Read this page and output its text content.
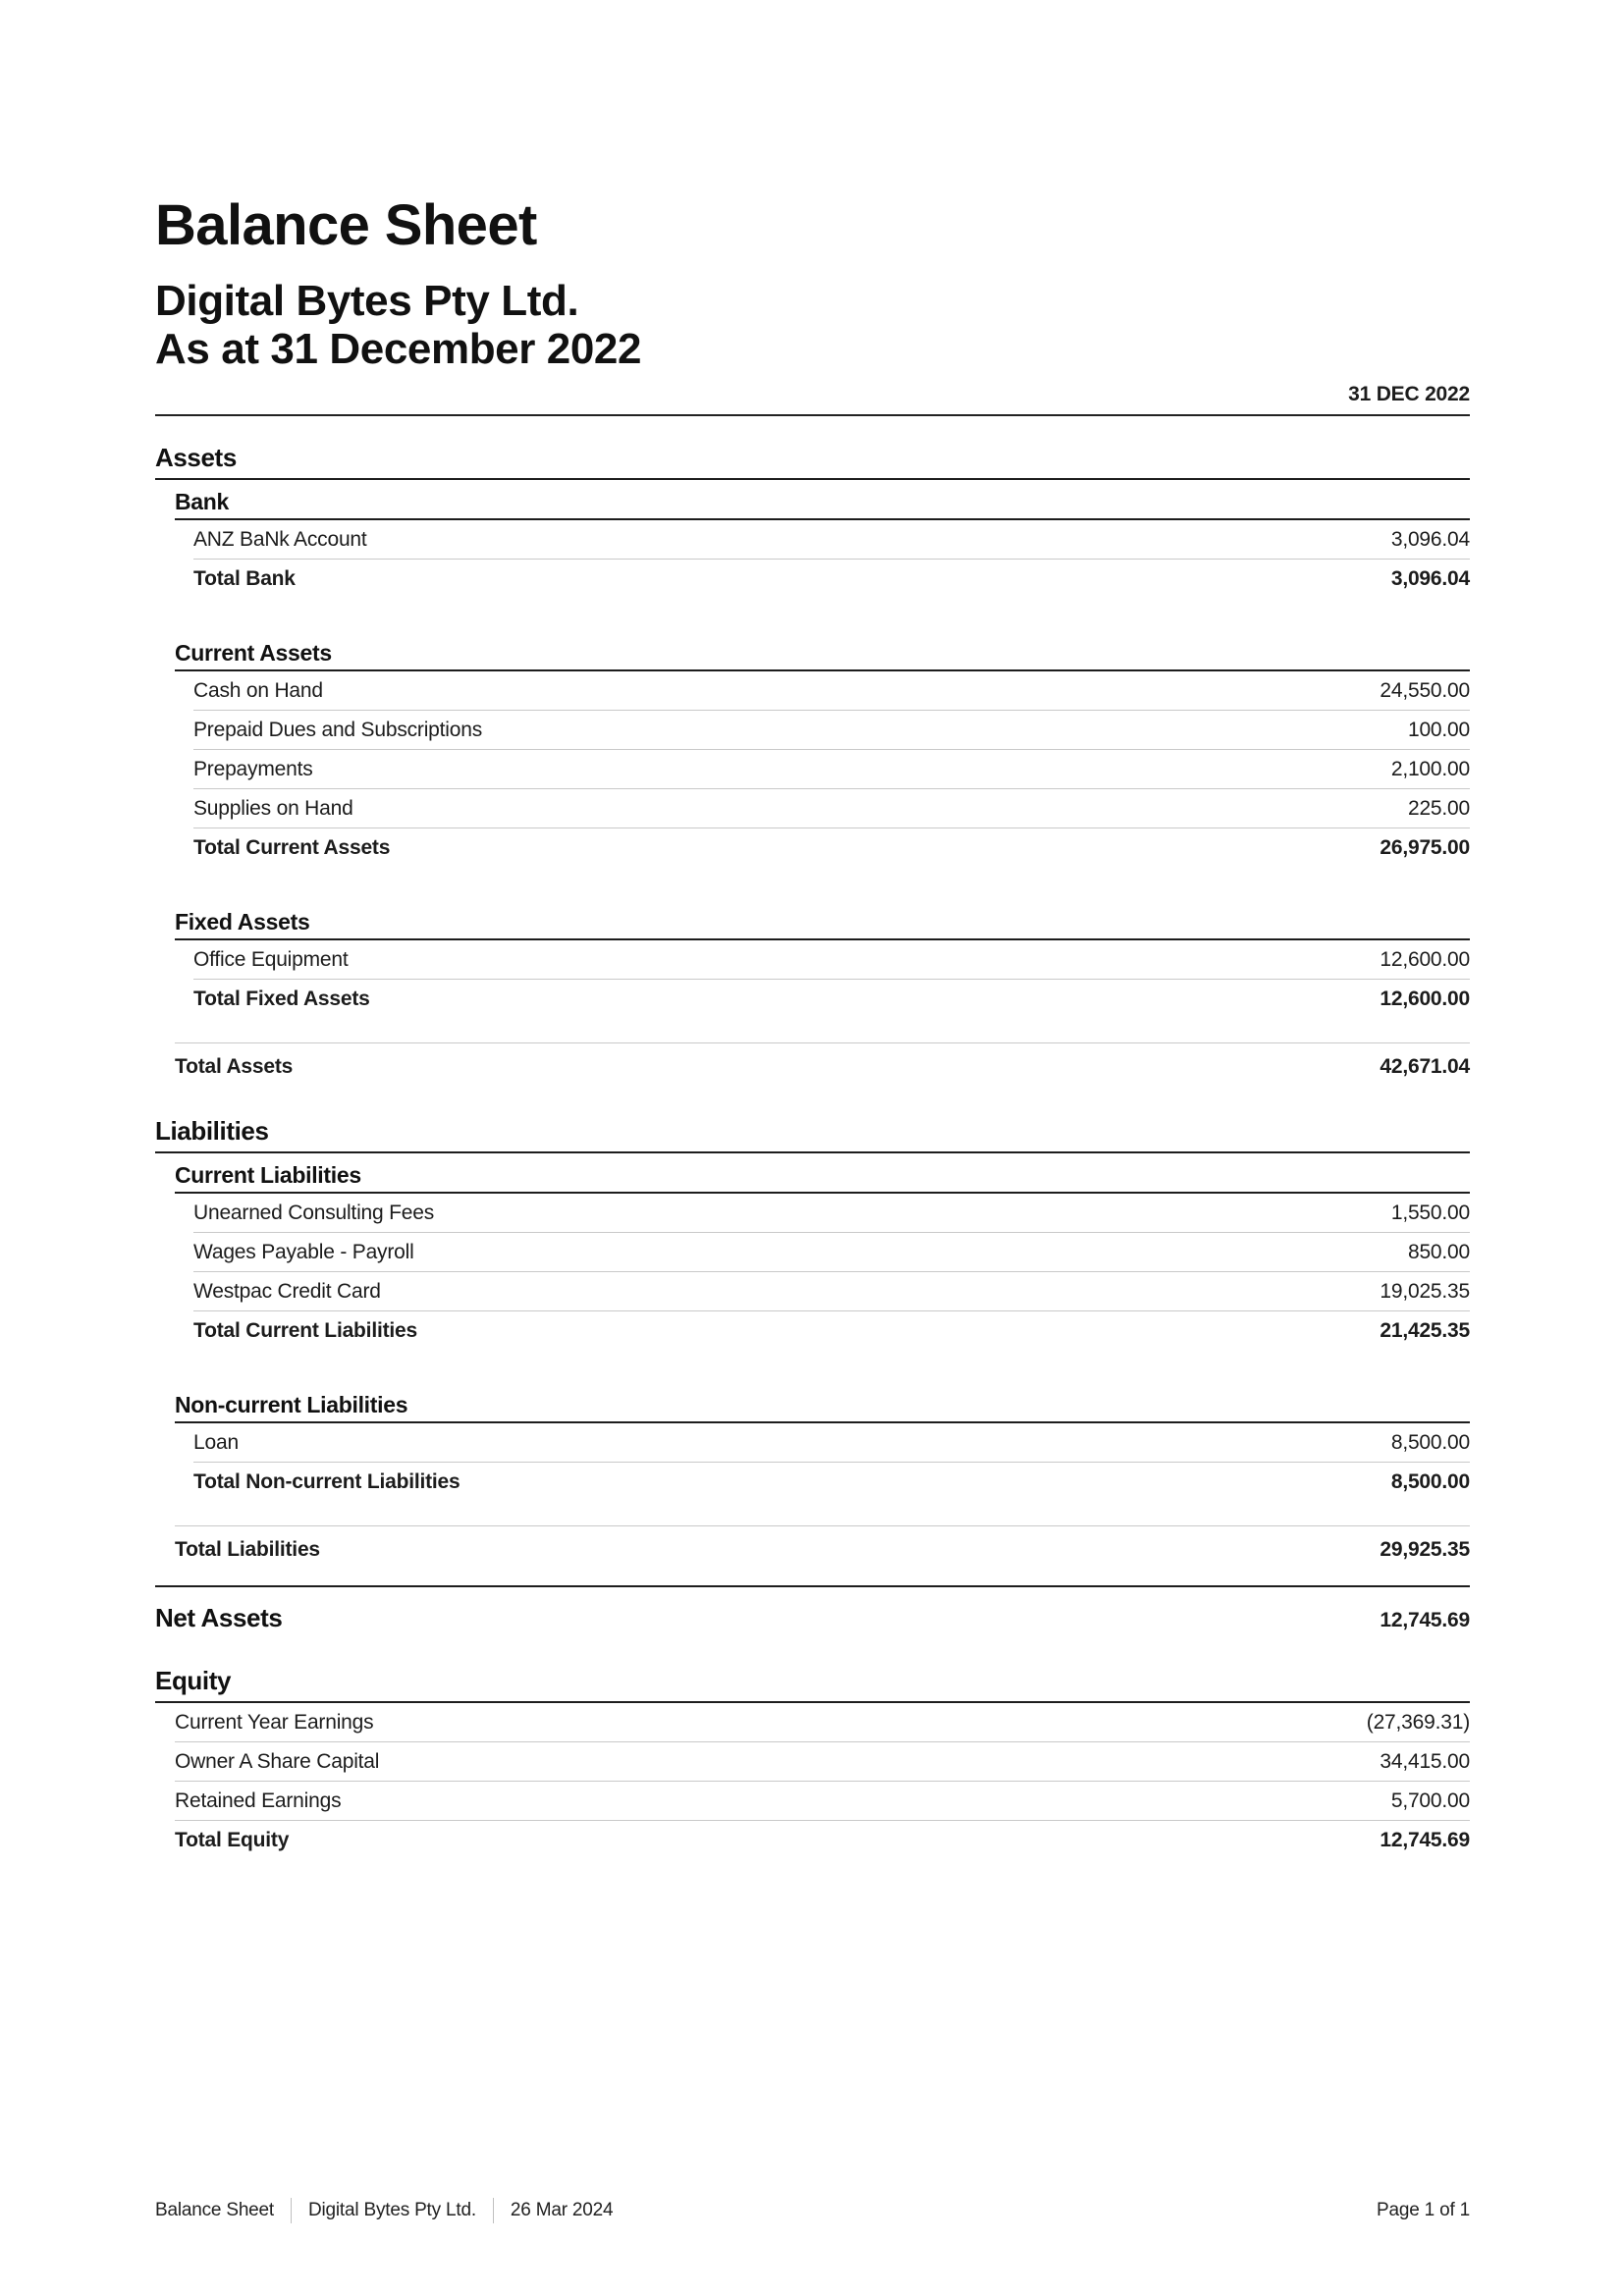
Balance Sheet
Digital Bytes Pty Ltd.
As at 31 December 2022
31 DEC 2022
Assets
Bank
ANZ BaNk Account	3,096.04
Total Bank	3,096.04
Current Assets
Cash on Hand	24,550.00
Prepaid Dues and Subscriptions	100.00
Prepayments	2,100.00
Supplies on Hand	225.00
Total Current Assets	26,975.00
Fixed Assets
Office Equipment	12,600.00
Total Fixed Assets	12,600.00
Total Assets	42,671.04
Liabilities
Current Liabilities
Unearned Consulting Fees	1,550.00
Wages Payable - Payroll	850.00
Westpac Credit Card	19,025.35
Total Current Liabilities	21,425.35
Non-current Liabilities
Loan	8,500.00
Total Non-current Liabilities	8,500.00
Total Liabilities	29,925.35
Net Assets	12,745.69
Equity
Current Year Earnings	(27,369.31)
Owner A Share Capital	34,415.00
Retained Earnings	5,700.00
Total Equity	12,745.69
Balance Sheet Digital Bytes Pty Ltd. 26 Mar 2024	Page 1 of 1
